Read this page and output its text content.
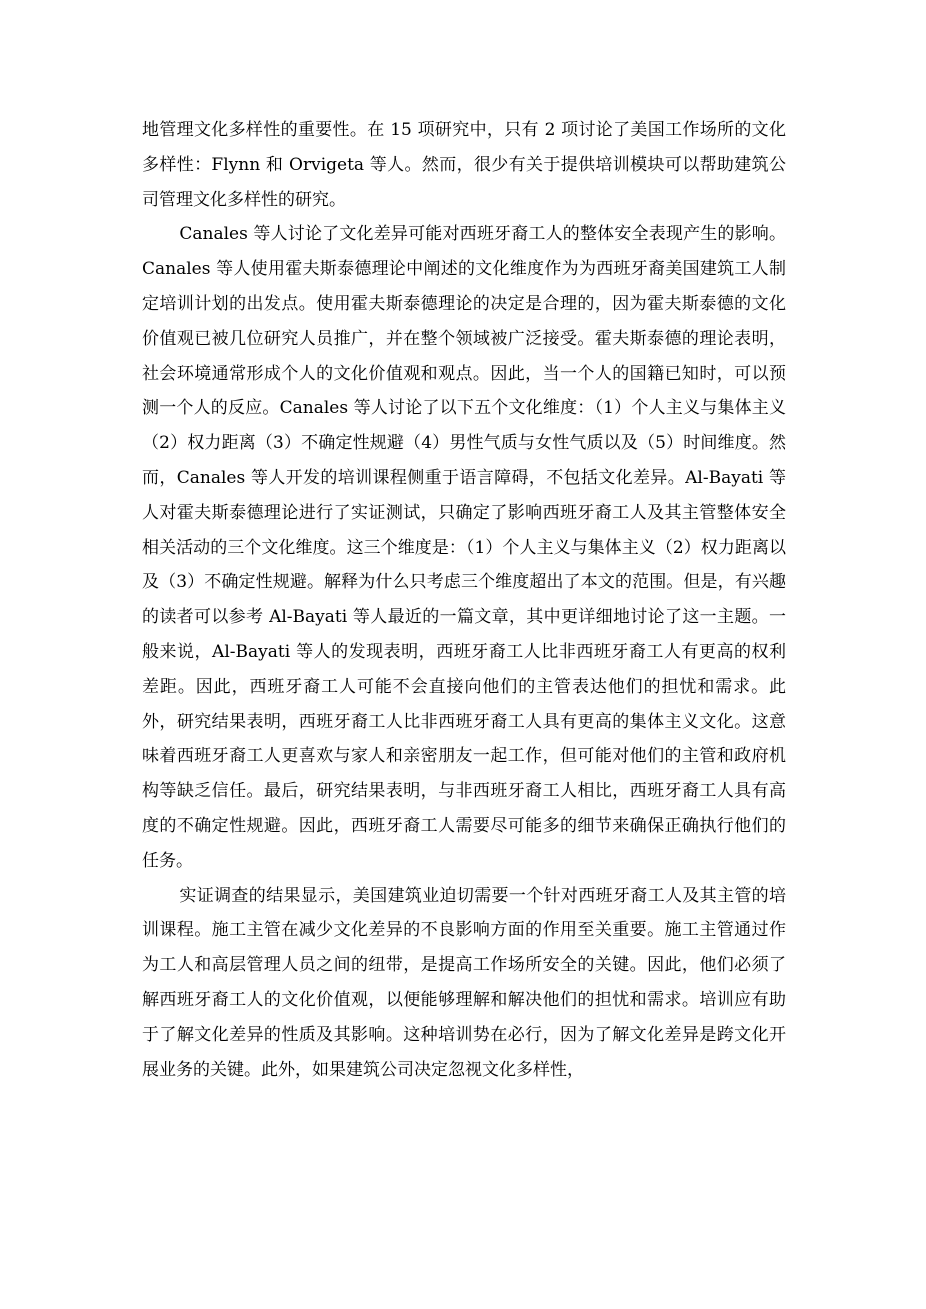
地管理文化多样性的重要性。在 15 项研究中，只有 2 项讨论了美国工作场所的文化多样性：Flynn 和 Orvigeta 等人。然而，很少有关于提供培训模块可以帮助建筑公司管理文化多样性的研究。

Canales 等人讨论了文化差异可能对西班牙裔工人的整体安全表现产生的影响。Canales 等人使用霍夫斯泰德理论中阐述的文化维度作为为西班牙裔美国建筑工人制定培训计划的出发点。使用霍夫斯泰德理论的决定是合理的，因为霍夫斯泰德的文化价值观已被几位研究人员推广，并在整个领域被广泛接受。霍夫斯泰德的理论表明，社会环境通常形成个人的文化价值观和观点。因此，当一个人的国籍已知时，可以预测一个人的反应。Canales 等人讨论了以下五个文化维度：（1）个人主义与集体主义（2）权力距离（3）不确定性规避（4）男性气质与女性气质以及（5）时间维度。然而，Canales 等人开发的培训课程侧重于语言障碍，不包括文化差异。Al-Bayati 等人对霍夫斯泰德理论进行了实证测试，只确定了影响西班牙裔工人及其主管整体安全相关活动的三个文化维度。这三个维度是：（1）个人主义与集体主义（2）权力距离以及（3）不确定性规避。解释为什么只考虑三个维度超出了本文的范围。但是，有兴趣的读者可以参考 Al-Bayati 等人最近的一篇文章，其中更详细地讨论了这一主题。一般来说，Al-Bayati 等人的发现表明，西班牙裔工人比非西班牙裔工人有更高的权利差距。因此，西班牙裔工人可能不会直接向他们的主管表达他们的担忧和需求。此外，研究结果表明，西班牙裔工人比非西班牙裔工人具有更高的集体主义文化。这意味着西班牙裔工人更喜欢与家人和亲密朋友一起工作，但可能对他们的主管和政府机构等缺乏信任。最后，研究结果表明，与非西班牙裔工人相比，西班牙裔工人具有高度的不确定性规避。因此，西班牙裔工人需要尽可能多的细节来确保正确执行他们的任务。

实证调查的结果显示，美国建筑业迫切需要一个针对西班牙裔工人及其主管的培训课程。施工主管在减少文化差异的不良影响方面的作用至关重要。施工主管通过作为工人和高层管理人员之间的纽带，是提高工作场所安全的关键。因此，他们必须了解西班牙裔工人的文化价值观，以便能够理解和解决他们的担忧和需求。培训应有助于了解文化差异的性质及其影响。这种培训势在必行，因为了解文化差异是跨文化开展业务的关键。此外，如果建筑公司决定忽视文化多样性，
